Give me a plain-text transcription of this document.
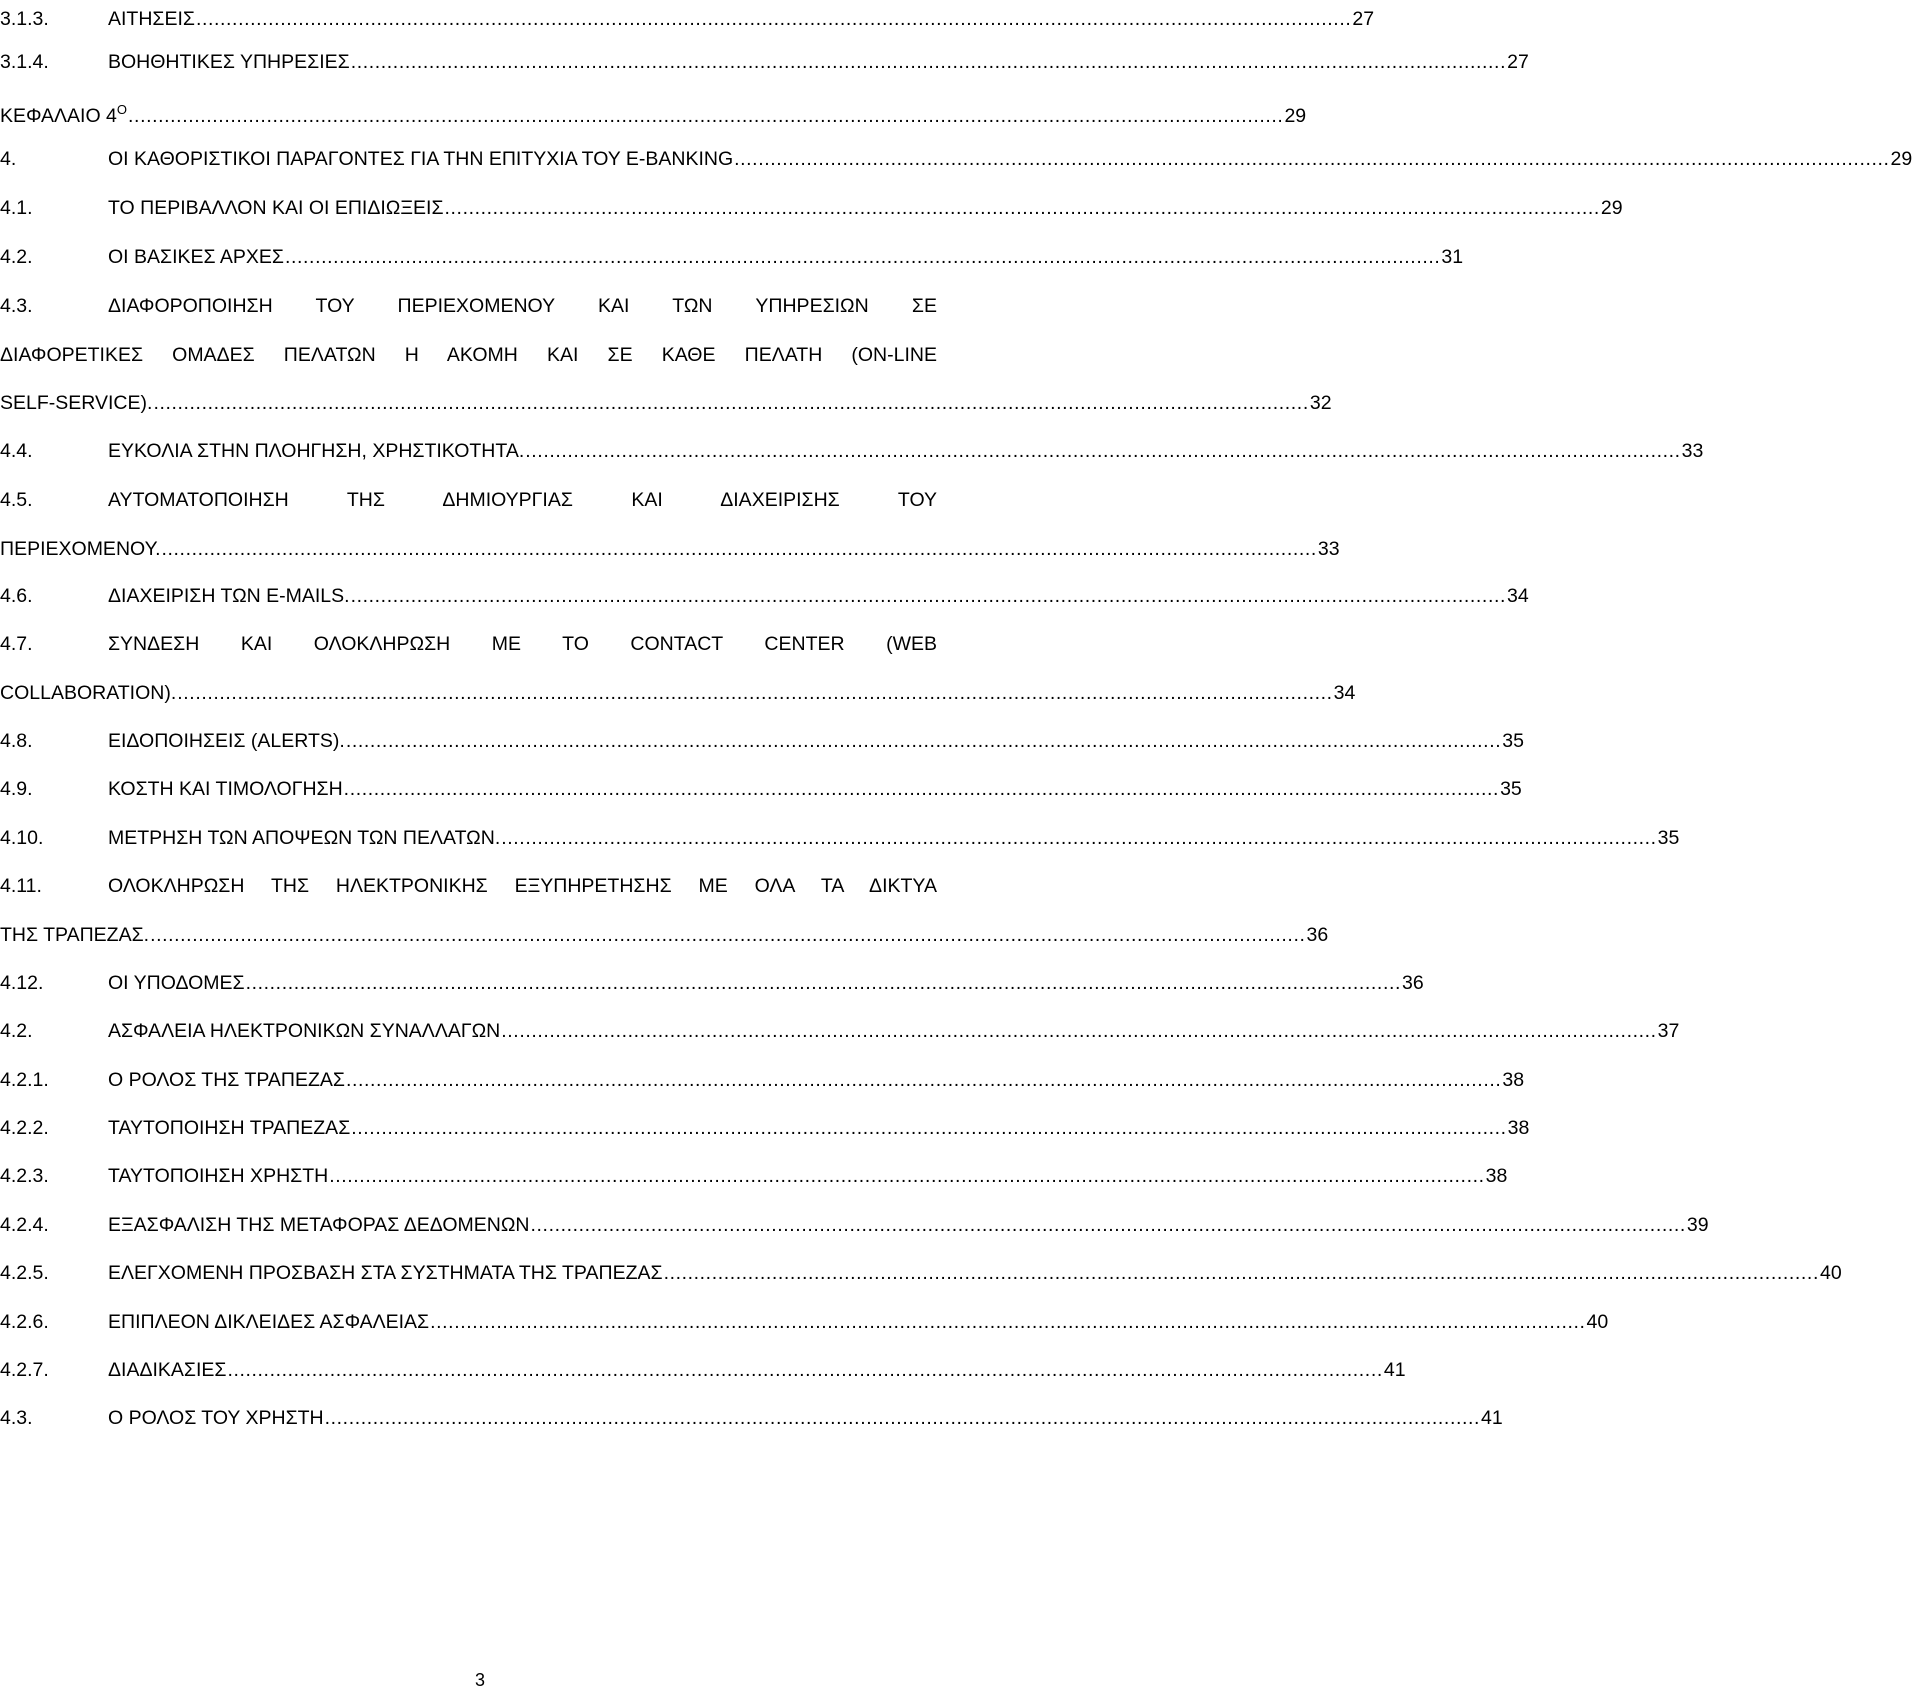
3.1.3.	ΑΙΤΗΣΕΙΣ ................................................................................................................................................................................................ 27
3.1.4.	ΒΟΗΘΗΤΙΚΕΣ ΥΠΗΡΕΣΙΕΣ ................................................................................................................................................................................................ 27
ΚΕΦΑΛΑΙΟ $4^O$ ................................................................................................................................................................................................ 29
4.	ΟΙ ΚΑΘΟΡΙΣΤΙΚΟΙ ΠΑΡΑΓΟΝΤΕΣ ΓΙΑ ΤΗΝ ΕΠΙΤΥΧΙΑ ΤΟΥ E-BANKING ................................................................................................................................................................................................ 29
4.1.	ΤΟ ΠΕΡΙΒΑΛΛΟΝ ΚΑΙ ΟΙ ΕΠΙΔΙΩΞΕΙΣ ................................................................................................................................................................................................ 29
4.2.	ΟΙ ΒΑΣΙΚΕΣ ΑΡΧΕΣ ................................................................................................................................................................................................ 31
4.3.	ΔΙΑΦΟΡΟΠΟΙΗΣΗ ΤΟΥ ΠΕΡΙΕΧΟΜΕΝΟΥ ΚΑΙ ΤΩΝ ΥΠΗΡΕΣΙΩΝ ΣΕ
ΔΙΑΦΟΡΕΤΙΚΕΣ ΟΜΑΔΕΣ ΠΕΛΑΤΩΝ Η ΑΚΟΜΗ ΚΑΙ ΣΕ ΚΑΘΕ ΠΕΛΑΤΗ (ON-LINE
SELF-SERVICE). ................................................................................................................................................................................................ 32
4.4.	ΕΥΚΟΛΙΑ ΣΤΗΝ ΠΛΟΗΓΗΣΗ, ΧΡΗΣΤΙΚΟΤΗΤΑ. ................................................................................................................................................................................................ 33
4.5.	ΑΥΤΟΜΑΤΟΠΟΙΗΣΗ ΤΗΣ ΔΗΜΙΟΥΡΓΙΑΣ ΚΑΙ ΔΙΑΧΕΙΡΙΣΗΣ ΤΟΥ
ΠΕΡΙΕΧΟΜΕΝΟΥ. ................................................................................................................................................................................................ 33
4.6.	ΔΙΑΧΕΙΡΙΣΗ ΤΩΝ E-MAILS. ................................................................................................................................................................................................ 34
4.7.	ΣΥΝΔΕΣΗ ΚΑΙ ΟΛΟΚΛΗΡΩΣΗ ΜΕ ΤΟ CONTACT CENTER (WEB
COLLABORATION). ................................................................................................................................................................................................ 34
4.8.	ΕΙΔΟΠΟΙΗΣΕΙΣ (ALERTS). ................................................................................................................................................................................................ 35
4.9.	ΚΟΣΤΗ ΚΑΙ ΤΙΜΟΛΟΓΗΣΗ ................................................................................................................................................................................................ 35
4.10.	ΜΕΤΡΗΣΗ ΤΩΝ ΑΠΟΨΕΩΝ ΤΩΝ ΠΕΛΑΤΩΝ. ................................................................................................................................................................................................ 35
4.11.	ΟΛΟΚΛΗΡΩΣΗ ΤΗΣ ΗΛΕΚΤΡΟΝΙΚΗΣ ΕΞΥΠΗΡΕΤΗΣΗΣ ΜΕ ΟΛΑ ΤΑ ΔΙΚΤΥΑ
ΤΗΣ ΤΡΑΠΕΖΑΣ. ................................................................................................................................................................................................ 36
4.12.	ΟΙ ΥΠΟΔΟΜΕΣ ................................................................................................................................................................................................ 36
4.2.	ΑΣΦΑΛΕΙΑ ΗΛΕΚΤΡΟΝΙΚΩΝ ΣΥΝΑΛΛΑΓΩΝ ................................................................................................................................................................................................ 37
4.2.1.	Ο ΡΟΛΟΣ ΤΗΣ ΤΡΑΠΕΖΑΣ ................................................................................................................................................................................................ 38
4.2.2.	ΤΑΥΤΟΠΟΙΗΣΗ ΤΡΑΠΕΖΑΣ ................................................................................................................................................................................................ 38
4.2.3.	ΤΑΥΤΟΠΟΙΗΣΗ ΧΡΗΣΤΗ ................................................................................................................................................................................................ 38
4.2.4.	ΕΞΑΣΦΑΛΙΣΗ ΤΗΣ ΜΕΤΑΦΟΡΑΣ ΔΕΔΟΜΕΝΩΝ ................................................................................................................................................................................................ 39
4.2.5.	ΕΛΕΓΧΟΜΕΝΗ ΠΡΟΣΒΑΣΗ ΣΤΑ ΣΥΣΤΗΜΑΤΑ ΤΗΣ ΤΡΑΠΕΖΑΣ ................................................................................................................................................................................................ 40
4.2.6.	ΕΠΙΠΛΕΟΝ ΔΙΚΛΕΙΔΕΣ ΑΣΦΑΛΕΙΑΣ ................................................................................................................................................................................................ 40
4.2.7.	ΔΙΑΔΙΚΑΣΙΕΣ ................................................................................................................................................................................................ 41
4.3.	Ο ΡΟΛΟΣ ΤΟΥ ΧΡΗΣΤΗ ................................................................................................................................................................................................ 41
3
